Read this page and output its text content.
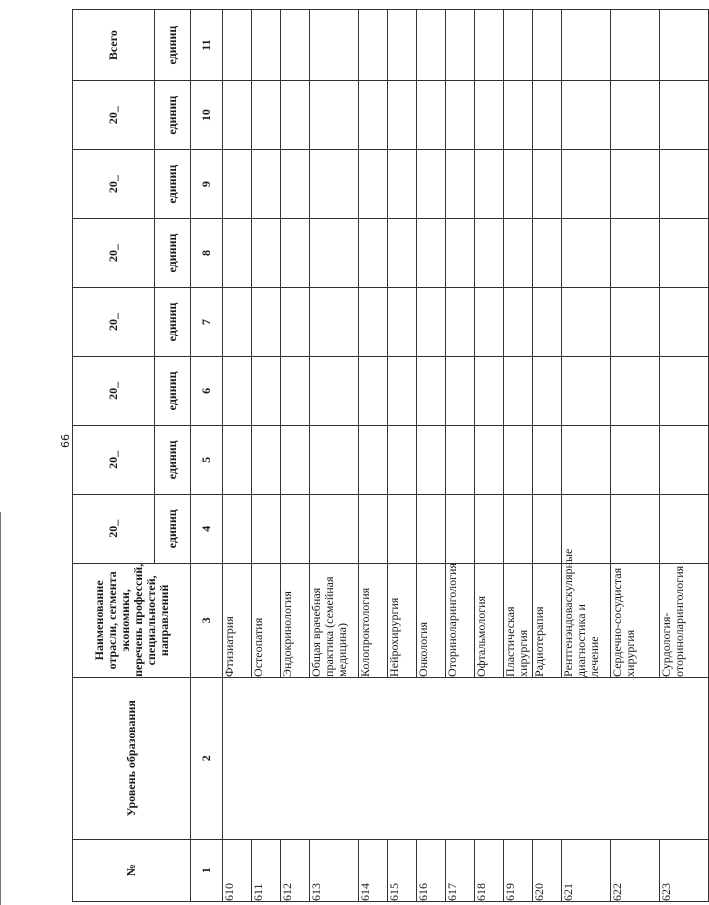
66
№	Уровень образования	Наименование отрасли, сегмента экономики, перечень профессий, специальностей, направлений	20_	20_	20_	20_	20_	20_	20_	Всего
			единиц	единиц	единиц	единиц	единиц	единиц	единиц	единиц
1	2	3	4	5	6	7	8	9	10	11
610		Фтизиатрия								
611		Остеопатия								
612		Эндокринология								
613		Общая врачебная практика (семейная медицина)								
614		Колопроктология								
615		Нейрохирургия								
616		Онкология								
617		Оториноларингология								
618		Офтальмология								
619		Пластическая хирургия								
620		Радиотерапия								
621		Рентгенэндоваскулярные диагностика и лечение								
622		Сердечно-сосудистая хирургия								
623		Сурдология-оториноларингология								
